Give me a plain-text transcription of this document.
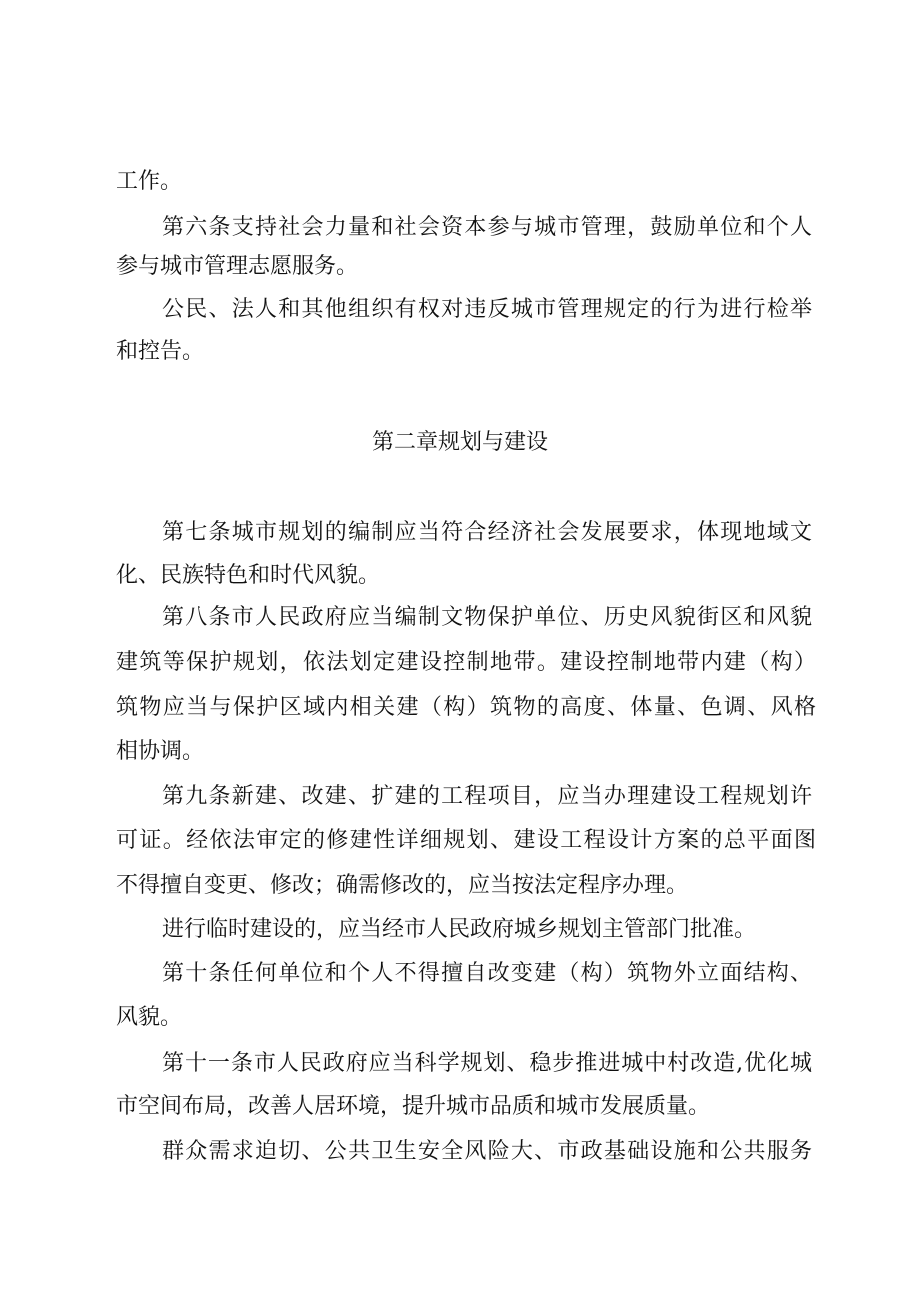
工作。

第六条支持社会力量和社会资本参与城市管理，鼓励单位和个人

参与城市管理志愿服务。

公民、法人和其他组织有权对违反城市管理规定的行为进行检举

和控告。

第二章规划与建设

第七条城市规划的编制应当符合经济社会发展要求，体现地域文

化、民族特色和时代风貌。

第八条市人民政府应当编制文物保护单位、历史风貌街区和风貌

建筑等保护规划，依法划定建设控制地带。建设控制地带内建（构）

筑物应当与保护区域内相关建（构）筑物的高度、体量、色调、风格

相协调。

第九条新建、改建、扩建的工程项目，应当办理建设工程规划许

可证。经依法审定的修建性详细规划、建设工程设计方案的总平面图

不得擅自变更、修改；确需修改的，应当按法定程序办理。

进行临时建设的，应当经市人民政府城乡规划主管部门批准。

第十条任何单位和个人不得擅自改变建（构）筑物外立面结构、

风貌。

第十一条市人民政府应当科学规划、稳步推进城中村改造,优化城

市空间布局，改善人居环境，提升城市品质和城市发展质量。

群众需求迫切、公共卫生安全风险大、市政基础设施和公共服务
